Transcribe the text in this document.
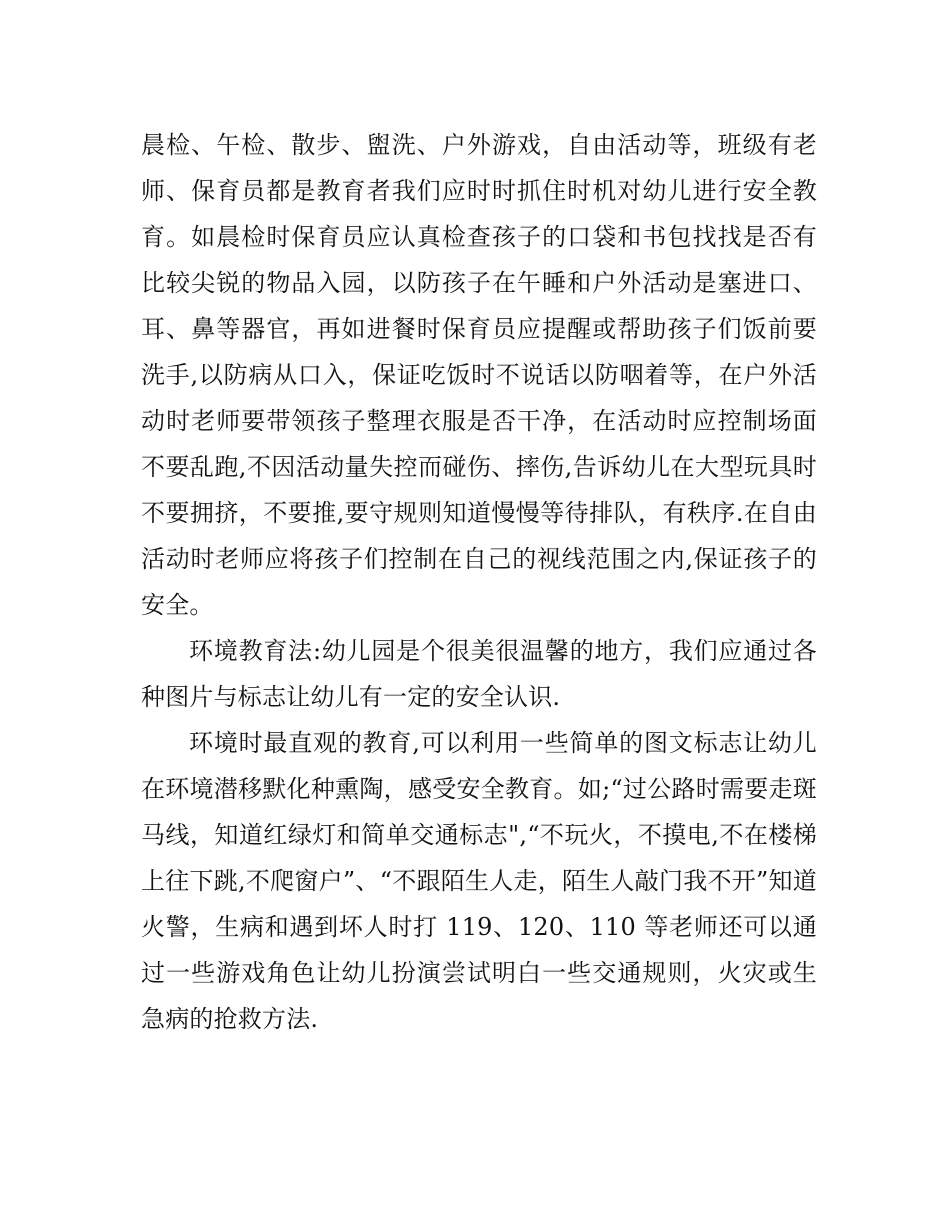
晨检、午检、散步、盥洗、户外游戏，自由活动等，班级有老师、保育员都是教育者我们应时时抓住时机对幼儿进行安全教育。如晨检时保育员应认真检查孩子的口袋和书包找找是否有比较尖锐的物品入园，以防孩子在午睡和户外活动是塞进口、耳、鼻等器官，再如进餐时保育员应提醒或帮助孩子们饭前要洗手,以防病从口入，保证吃饭时不说话以防咽着等，在户外活动时老师要带领孩子整理衣服是否干净，在活动时应控制场面不要乱跑,不因活动量失控而碰伤、摔伤,告诉幼儿在大型玩具时不要拥挤，不要推,要守规则知道慢慢等待排队，有秩序.在自由活动时老师应将孩子们控制在自己的视线范围之内,保证孩子的安全。

环境教育法:幼儿园是个很美很温馨的地方，我们应通过各种图片与标志让幼儿有一定的安全认识.

环境时最直观的教育,可以利用一些简单的图文标志让幼儿在环境潜移默化种熏陶，感受安全教育。如;“过公路时需要走斑马线，知道红绿灯和简单交通标志",“不玩火，不摸电,不在楼梯上往下跳,不爬窗户”、“不跟陌生人走，陌生人敲门我不开”知道火警，生病和遇到坏人时打 119、120、110 等老师还可以通过一些游戏角色让幼儿扮演尝试明白一些交通规则，火灾或生急病的抢救方法.
